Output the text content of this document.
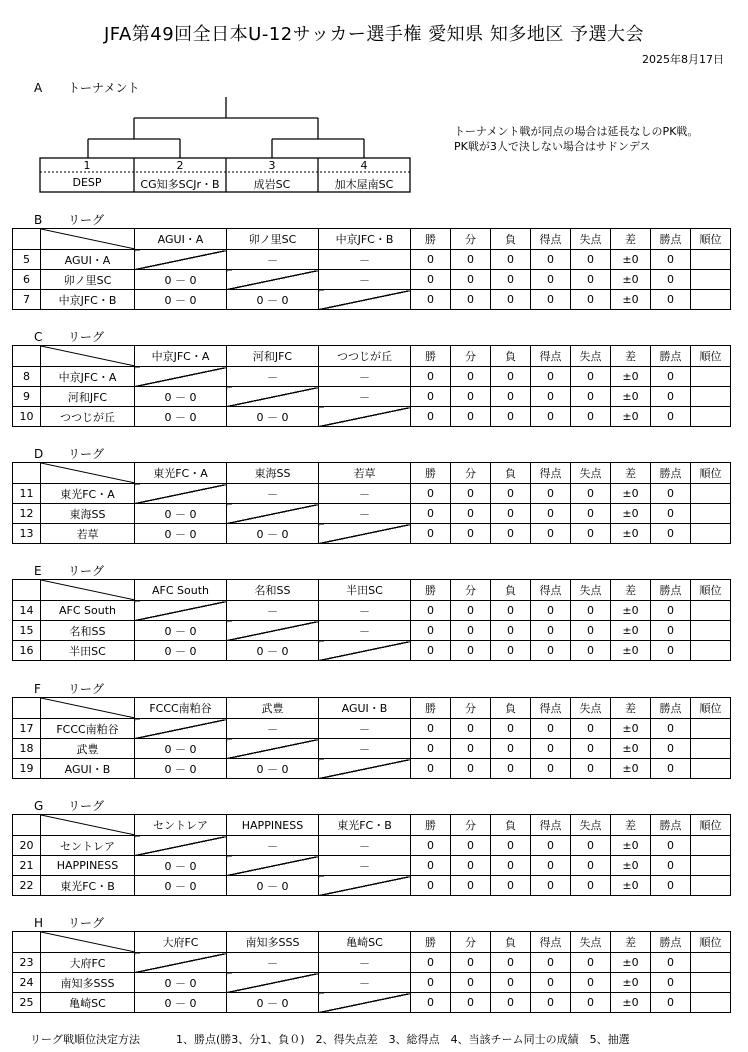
JFA第49回全日本U-12サッカー選手権 愛知県 知多地区 予選大会
2025年8月17日
A トーナメント
1	2	3	4
DESP	CG知多SCJr・B	成岩SC	加木屋南SC
トーナメント戦が同点の場合は延長なしのPK戦。
PK戦が3人で決しない場合はサドンデス
B リーグ

	AGUI・A	卯ノ里SC	中京JFC・B	勝	分	負	得点	失点	差	勝点	順位
5	AGUI・A		－	－	0	0	0	0	0	±0	0	
6	卯ノ里SC	0 － 0		－	0	0	0	0	0	±0	0	
7	中京JFC・B	0 － 0	0 － 0		0	0	0	0	0	±0	0	
C リーグ

	中京JFC・A	河和JFC	つつじが丘	勝	分	負	得点	失点	差	勝点	順位
8	中京JFC・A		－	－	0	0	0	0	0	±0	0	
9	河和JFC	0 － 0		－	0	0	0	0	0	±0	0	
10	つつじが丘	0 － 0	0 － 0		0	0	0	0	0	±0	0	
D リーグ

	東光FC・A	東海SS	若草	勝	分	負	得点	失点	差	勝点	順位
11	東光FC・A		－	－	0	0	0	0	0	±0	0	
12	東海SS	0 － 0		－	0	0	0	0	0	±0	0	
13	若草	0 － 0	0 － 0		0	0	0	0	0	±0	0	
E リーグ

	AFC South	名和SS	半田SC	勝	分	負	得点	失点	差	勝点	順位
14	AFC South		－	－	0	0	0	0	0	±0	0	
15	名和SS	0 － 0		－	0	0	0	0	0	±0	0	
16	半田SC	0 － 0	0 － 0		0	0	0	0	0	±0	0	
F リーグ

	FCCC南粕谷	武豊	AGUI・B	勝	分	負	得点	失点	差	勝点	順位
17	FCCC南粕谷		－	－	0	0	0	0	0	±0	0	
18	武豊	0 － 0		－	0	0	0	0	0	±0	0	
19	AGUI・B	0 － 0	0 － 0		0	0	0	0	0	±0	0	
G リーグ

	セントレア	HAPPINESS	東光FC・B	勝	分	負	得点	失点	差	勝点	順位
20	セントレア		－	－	0	0	0	0	0	±0	0	
21	HAPPINESS	0 － 0		－	0	0	0	0	0	±0	0	
22	東光FC・B	0 － 0	0 － 0		0	0	0	0	0	±0	0	
H リーグ

	大府FC	南知多SSS	亀崎SC	勝	分	負	得点	失点	差	勝点	順位
23	大府FC		－	－	0	0	0	0	0	±0	0	
24	南知多SSS	0 － 0		－	0	0	0	0	0	±0	0	
25	亀崎SC	0 － 0	0 － 0		0	0	0	0	0	±0	0	
リーグ戦順位決定方法	1、勝点(勝3、分1、負０)　2、得失点差　3、総得点　4、当該チーム同士の成績　5、抽選
